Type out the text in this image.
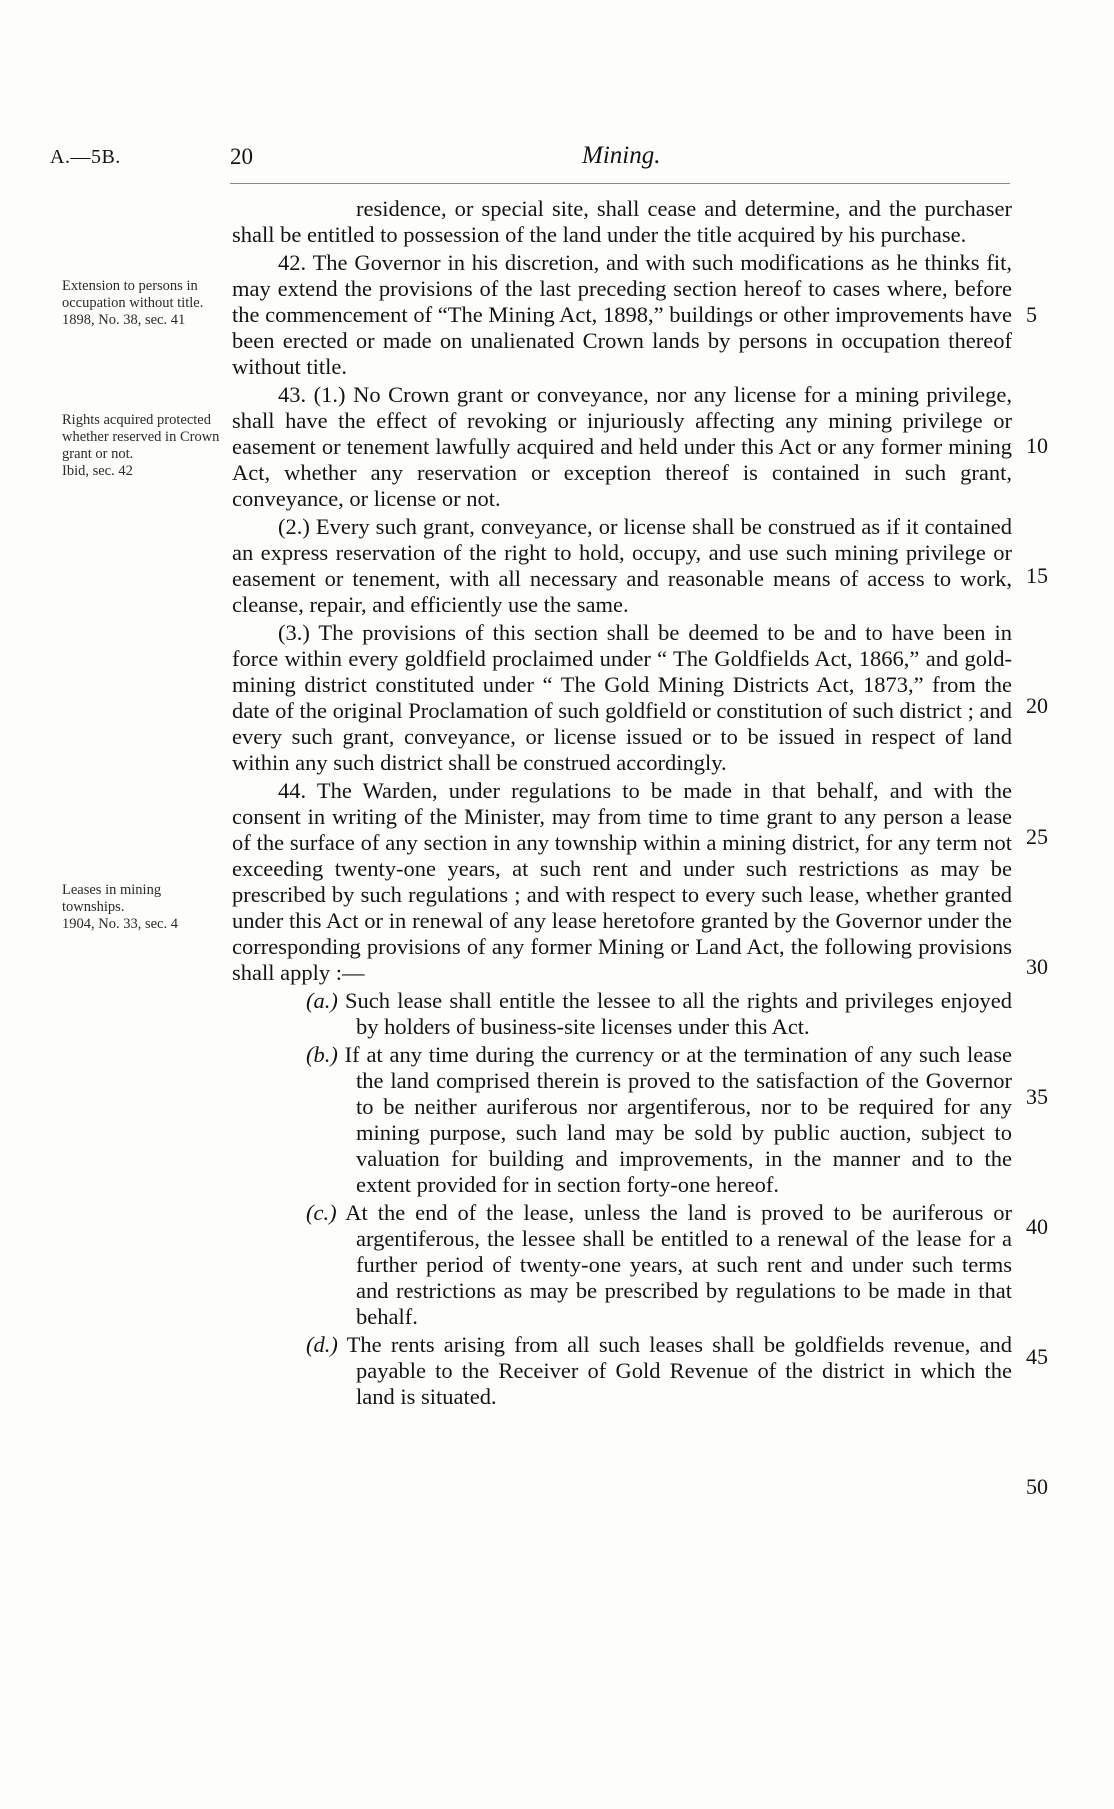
A.—5B.	20	Mining.
Extension to persons in occupation without title.
1898, No. 38, sec. 41
Rights acquired protected whether reserved in Crown grant or not.
Ibid, sec. 42
Leases in mining townships.
1904, No. 33, sec. 4

residence, or special site, shall cease and determine, and the purchaser shall be entitled to possession of the land under the title acquired by his purchase.

42. The Governor in his discretion, and with such modifications as he thinks fit, may extend the provisions of the last preceding section hereof to cases where, before the commencement of “The Mining Act, 1898,” buildings or other improvements have been erected or made on unalienated Crown lands by persons in occupation thereof without title.

43. (1.) No Crown grant or conveyance, nor any license for a mining privilege, shall have the effect of revoking or injuriously affecting any mining privilege or easement or tenement lawfully acquired and held under this Act or any former mining Act, whether any reservation or exception thereof is contained in such grant, conveyance, or license or not.

(2.) Every such grant, conveyance, or license shall be construed as if it contained an express reservation of the right to hold, occupy, and use such mining privilege or easement or tenement, with all necessary and reasonable means of access to work, cleanse, repair, and efficiently use the same.

(3.) The provisions of this section shall be deemed to be and to have been in force within every goldfield proclaimed under “ The Goldfields Act, 1866,” and gold-mining district constituted under “ The Gold Mining Districts Act, 1873,” from the date of the original Proclamation of such goldfield or constitution of such district ; and every such grant, conveyance, or license issued or to be issued in respect of land within any such district shall be construed accordingly.

44. The Warden, under regulations to be made in that behalf, and with the consent in writing of the Minister, may from time to time grant to any person a lease of the surface of any section in any township within a mining district, for any term not exceeding twenty-one years, at such rent and under such restrictions as may be prescribed by such regulations ; and with respect to every such lease, whether granted under this Act or in renewal of any lease heretofore granted by the Governor under the corresponding provisions of any former Mining or Land Act, the following provisions shall apply :—

(a.) Such lease shall entitle the lessee to all the rights and privileges enjoyed by holders of business-site licenses under this Act.

(b.) If at any time during the currency or at the termination of any such lease the land comprised therein is proved to the satisfaction of the Governor to be neither auriferous nor argentiferous, nor to be required for any mining purpose, such land may be sold by public auction, subject to valuation for building and improvements, in the manner and to the extent provided for in section forty-one hereof.

(c.) At the end of the lease, unless the land is proved to be auriferous or argentiferous, the lessee shall be entitled to a renewal of the lease for a further period of twenty-one years, at such rent and under such terms and restrictions as may be prescribed by regulations to be made in that behalf.

(d.) The rents arising from all such leases shall be goldfields revenue, and payable to the Receiver of Gold Revenue of the district in which the land is situated.

5
10
15
20
25
30
35
40
45
50
